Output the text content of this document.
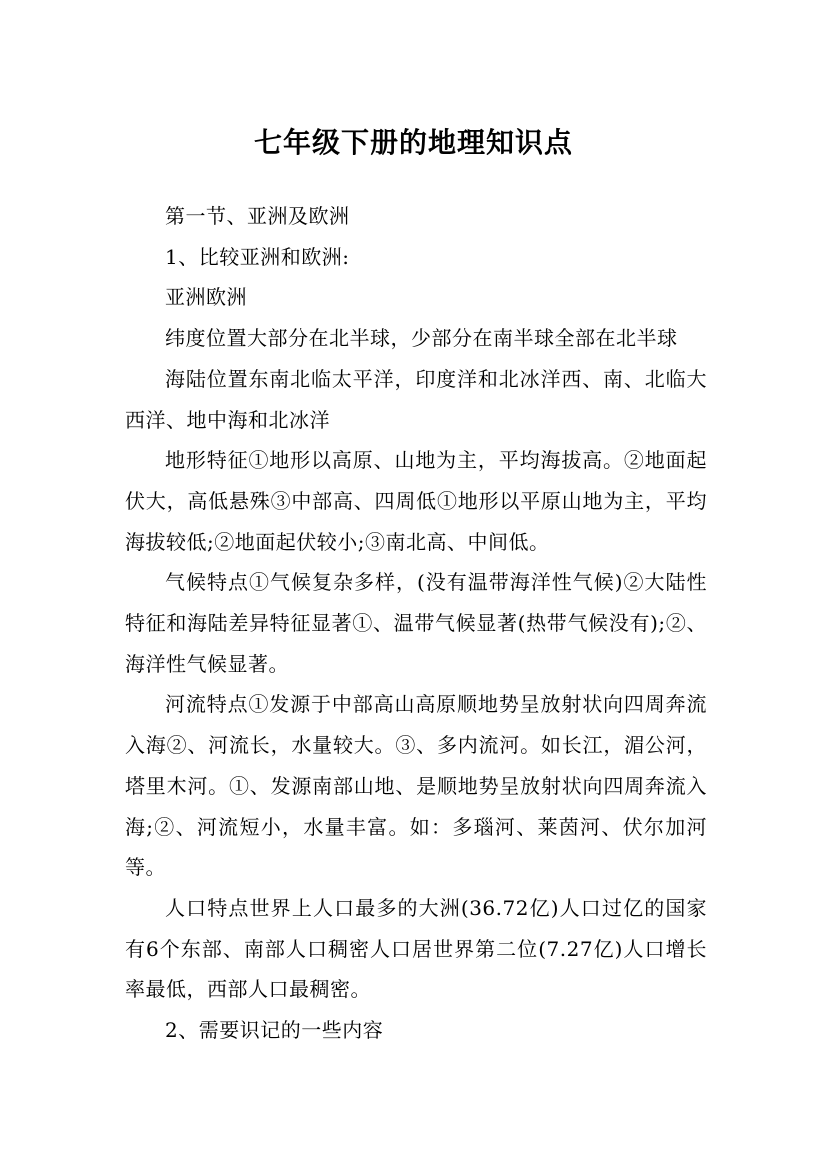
七年级下册的地理知识点

第一节、亚洲及欧洲

1、比较亚洲和欧洲:

亚洲欧洲

纬度位置大部分在北半球，少部分在南半球全部在北半球

海陆位置东南北临太平洋，印度洋和北冰洋西、南、北临大西洋、地中海和北冰洋

地形特征①地形以高原、山地为主，平均海拔高。②地面起伏大，高低悬殊③中部高、四周低①地形以平原山地为主，平均海拔较低;②地面起伏较小;③南北高、中间低。

气候特点①气候复杂多样，(没有温带海洋性气候)②大陆性特征和海陆差异特征显著①、温带气候显著(热带气候没有);②、海洋性气候显著。

河流特点①发源于中部高山高原顺地势呈放射状向四周奔流入海②、河流长，水量较大。③、多内流河。如长江，湄公河，塔里木河。①、发源南部山地、是顺地势呈放射状向四周奔流入海;②、河流短小，水量丰富。如：多瑙河、莱茵河、伏尔加河等。

人口特点世界上人口最多的大洲(36.72亿)人口过亿的国家有6个东部、南部人口稠密人口居世界第二位(7.27亿)人口增长率最低，西部人口最稠密。

2、需要识记的一些内容
